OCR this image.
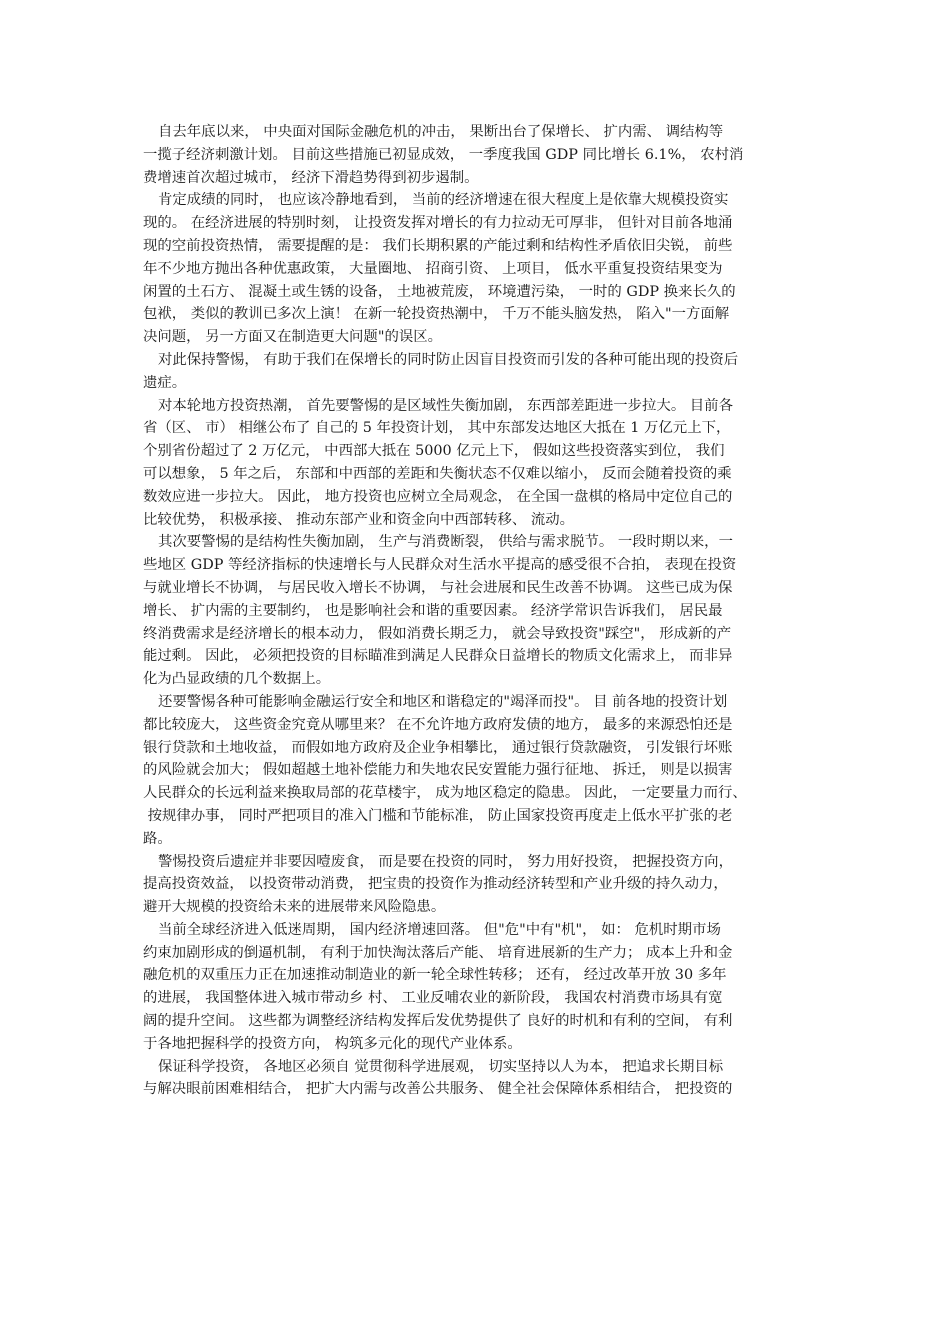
自去年底以来， 中央面对国际金融危机的冲击， 果断出台了保增长、 扩内需、 调结构等
一揽子经济刺激计划。 目前这些措施已初显成效， 一季度我国 GDP 同比增长 6.1%， 农村消
费增速首次超过城市， 经济下滑趋势得到初步遏制。
肯定成绩的同时， 也应该冷静地看到， 当前的经济增速在很大程度上是依靠大规模投资实
现的。 在经济进展的特别时刻， 让投资发挥对增长的有力拉动无可厚非， 但针对目前各地涌
现的空前投资热情， 需要提醒的是： 我们长期积累的产能过剩和结构性矛盾依旧尖锐， 前些
年不少地方抛出各种优惠政策， 大量圈地、 招商引资、 上项目， 低水平重复投资结果变为
闲置的土石方、 混凝土或生锈的设备， 土地被荒废， 环境遭污染， 一时的 GDP 换来长久的
包袱， 类似的教训已多次上演！ 在新一轮投资热潮中， 千万不能头脑发热， 陷入"一方面解
决问题， 另一方面又在制造更大问题"的误区。
对此保持警惕， 有助于我们在保增长的同时防止因盲目投资而引发的各种可能出现的投资后
遗症。
对本轮地方投资热潮， 首先要警惕的是区域性失衡加剧， 东西部差距进一步拉大。 目前各
省（区、 市） 相继公布了 自己的 5 年投资计划， 其中东部发达地区大抵在 1 万亿元上下，
个别省份超过了 2 万亿元， 中西部大抵在 5000 亿元上下， 假如这些投资落实到位， 我们
可以想象， 5 年之后， 东部和中西部的差距和失衡状态不仅难以缩小， 反而会随着投资的乘
数效应进一步拉大。 因此， 地方投资也应树立全局观念， 在全国一盘棋的格局中定位自己的
比较优势， 积极承接、 推动东部产业和资金向中西部转移、 流动。
其次要警惕的是结构性失衡加剧， 生产与消费断裂， 供给与需求脱节。 一段时期以来，一
些地区 GDP 等经济指标的快速增长与人民群众对生活水平提高的感受很不合拍， 表现在投资
与就业增长不协调， 与居民收入增长不协调， 与社会进展和民生改善不协调。 这些已成为保
增长、 扩内需的主要制约， 也是影响社会和谐的重要因素。 经济学常识告诉我们， 居民最
终消费需求是经济增长的根本动力， 假如消费长期乏力， 就会导致投资"踩空"， 形成新的产
能过剩。 因此， 必须把投资的目标瞄准到满足人民群众日益增长的物质文化需求上， 而非异
化为凸显政绩的几个数据上。
还要警惕各种可能影响金融运行安全和地区和谐稳定的"竭泽而投"。 目 前各地的投资计划
都比较庞大， 这些资金究竟从哪里来？ 在不允许地方政府发债的地方， 最多的来源恐怕还是
银行贷款和土地收益， 而假如地方政府及企业争相攀比， 通过银行贷款融资， 引发银行坏账
的风险就会加大； 假如超越土地补偿能力和失地农民安置能力强行征地、 拆迁， 则是以损害
人民群众的长远利益来换取局部的花草楼宇， 成为地区稳定的隐患。 因此， 一定要量力而行、
按规律办事， 同时严把项目的准入门槛和节能标准， 防止国家投资再度走上低水平扩张的老
路。
警惕投资后遗症并非要因噎废食， 而是要在投资的同时， 努力用好投资， 把握投资方向，
提高投资效益， 以投资带动消费， 把宝贵的投资作为推动经济转型和产业升级的持久动力，
避开大规模的投资给未来的进展带来风险隐患。
当前全球经济进入低迷周期， 国内经济增速回落。 但"危"中有"机"， 如： 危机时期市场
约束加剧形成的倒逼机制， 有利于加快淘汰落后产能、 培育进展新的生产力； 成本上升和金
融危机的双重压力正在加速推动制造业的新一轮全球性转移； 还有， 经过改革开放 30 多年
的进展， 我国整体进入城市带动乡 村、 工业反哺农业的新阶段， 我国农村消费市场具有宽
阔的提升空间。 这些都为调整经济结构发挥后发优势提供了 良好的时机和有利的空间， 有利
于各地把握科学的投资方向， 构筑多元化的现代产业体系。
保证科学投资， 各地区必须自 觉贯彻科学进展观， 切实坚持以人为本， 把追求长期目标
与解决眼前困难相结合， 把扩大内需与改善公共服务、 健全社会保障体系相结合， 把投资的
